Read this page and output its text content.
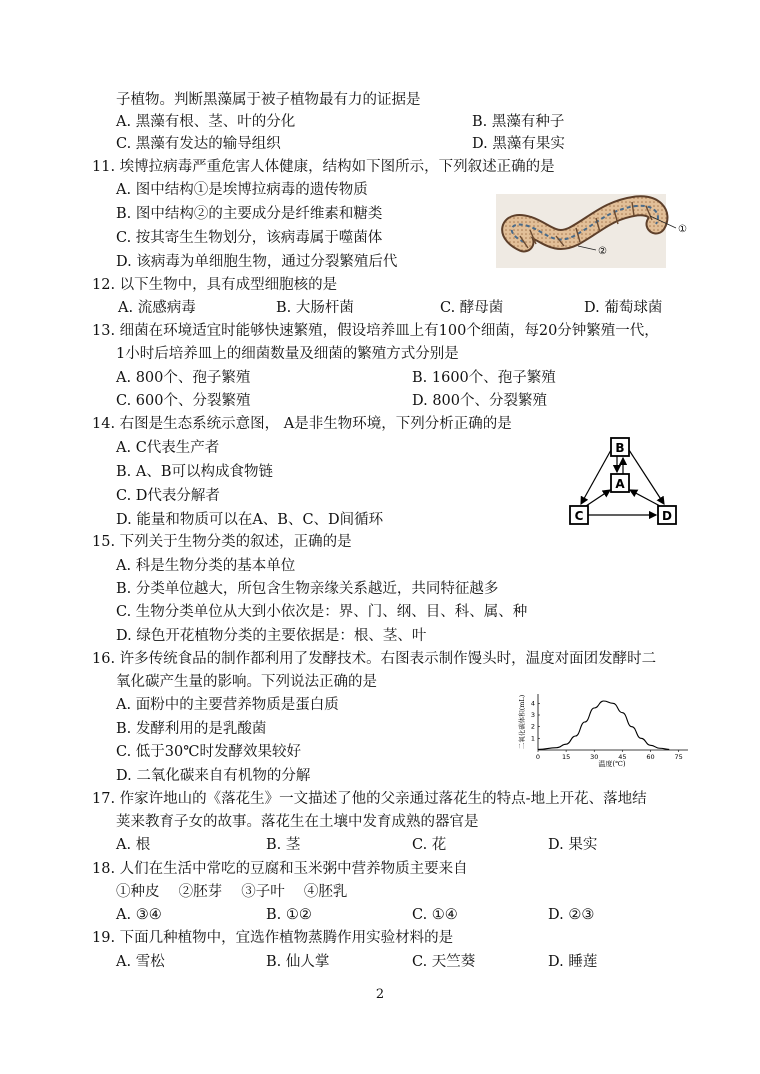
子植物。判断黑藻属于被子植物最有力的证据是
A. 黑藻有根、茎、叶的分化	B. 黑藻有种子
C. 黑藻有发达的输导组织	D. 黑藻有果实
11. 埃博拉病毒严重危害人体健康，结构如下图所示，下列叙述正确的是
A. 图中结构①是埃博拉病毒的遗传物质
B. 图中结构②的主要成分是纤维素和糖类
C. 按其寄生生物划分，该病毒属于噬菌体
D. 该病毒为单细胞生物，通过分裂繁殖后代
①
②
12. 以下生物中，具有成型细胞核的是
A. 流感病毒	B. 大肠杆菌	C. 酵母菌	D. 葡萄球菌
13. 细菌在环境适宜时能够快速繁殖，假设培养皿上有100个细菌，每20分钟繁殖一代，
1小时后培养皿上的细菌数量及细菌的繁殖方式分别是
A. 800个、孢子繁殖	B. 1600个、孢子繁殖
C. 600个、分裂繁殖	D. 800个、分裂繁殖
14. 右图是生态系统示意图， A是非生物环境，下列分析正确的是
A. C代表生产者
B. A、B可以构成食物链
C. D代表分解者
D. 能量和物质可以在A、B、C、D间循环
B
A
C	D
15. 下列关于生物分类的叙述，正确的是
A. 科是生物分类的基本单位
B. 分类单位越大，所包含生物亲缘关系越近，共同特征越多
C. 生物分类单位从大到小依次是：界、门、纲、目、科、属、种
D. 绿色开花植物分类的主要依据是：根、茎、叶
16. 许多传统食品的制作都利用了发酵技术。右图表示制作馒头时，温度对面团发酵时二
氧化碳产生量的影响。下列说法正确的是
A. 面粉中的主要营养物质是蛋白质
B. 发酵利用的是乳酸菌
C. 低于30℃时发酵效果较好
D. 二氧化碳来自有机物的分解
0	15	30	45	60	75
1
2
3
4
二氧化碳体积(mL)
温度(℃)
17. 作家许地山的《落花生》一文描述了他的父亲通过落花生的特点-地上开花、落地结
荚来教育子女的故事。落花生在土壤中发育成熟的器官是
A. 根	B. 茎	C. 花	D. 果实
18. 人们在生活中常吃的豆腐和玉米粥中营养物质主要来自
①种皮　 ②胚芽　 ③子叶　 ④胚乳
A. ③④	B. ①②	C. ①④	D. ②③
19. 下面几种植物中，宜选作植物蒸腾作用实验材料的是
A. 雪松	B. 仙人掌	C. 天竺葵	D. 睡莲
2
